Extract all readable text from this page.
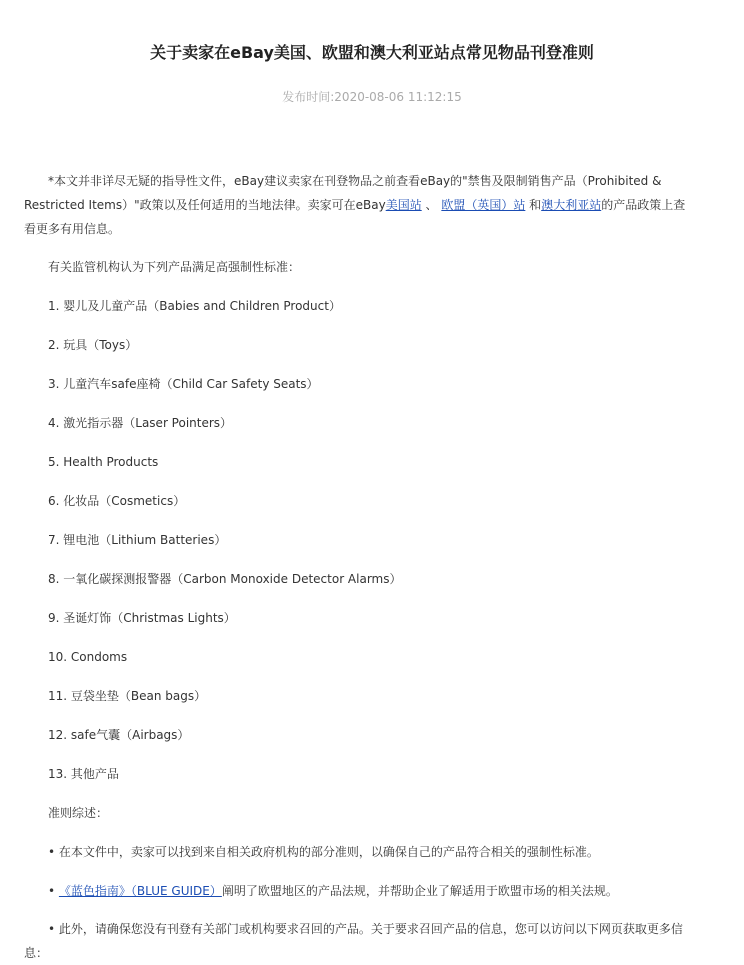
关于卖家在eBay美国、欧盟和澳大利亚站点常见物品刊登准则
发布时间:2020-08-06 11:12:15
*本文并非详尽无疑的指导性文件，eBay建议卖家在刊登物品之前查看eBay的"禁售及限制销售产品（Prohibited & Restricted Items）"政策以及任何适用的当地法律。卖家可在eBay美国站 、 欧盟（英国）站 和澳大利亚站的产品政策上查看更多有用信息。
有关监管机构认为下列产品满足高强制性标准：
1. 婴儿及儿童产品（Babies and Children Product）
2. 玩具（Toys）
3. 儿童汽车safe座椅（Child Car Safety Seats）
4. 激光指示器（Laser Pointers）
5. Health Products
6. 化妆品（Cosmetics）
7. 锂电池（Lithium Batteries）
8. 一氧化碳探测报警器（Carbon Monoxide Detector Alarms）
9. 圣诞灯饰（Christmas Lights）
10. Condoms
11. 豆袋坐垫（Bean bags）
12. safe气囊（Airbags）
13. 其他产品
准则综述：
• 在本文件中，卖家可以找到来自相关政府机构的部分准则，以确保自己的产品符合相关的强制性标准。
• 《蓝色指南》（BLUE GUIDE）阐明了欧盟地区的产品法规，并帮助企业了解适用于欧盟市场的相关法规。
• 此外，请确保您没有刊登有关部门或机构要求召回的产品。关于要求召回产品的信息，您可以访问以下网页获取更多信息：
